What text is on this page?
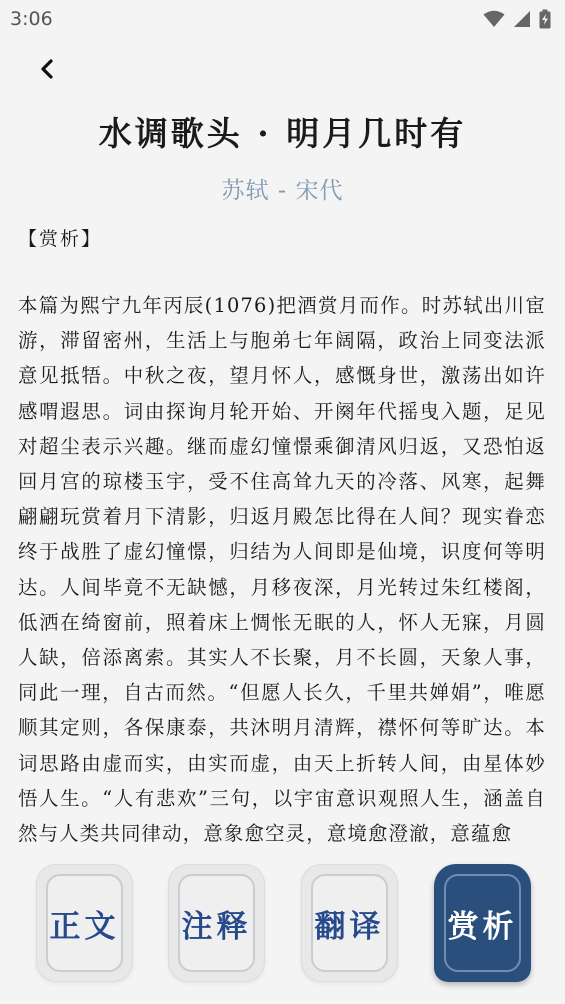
3:06
水调歌头 · 明月几时有
苏轼 - 宋代
【赏析】
本篇为熙宁九年丙辰(1076)把酒赏月而作。时苏轼出川宦游，滞留密州，生活上与胞弟七年阔隔，政治上同变法派意见抵牾。中秋之夜，望月怀人，感慨身世，激荡出如许感喟遐思。词由探询月轮开始、开阕年代摇曳入题，足见对超尘表示兴趣。继而虚幻憧憬乘御清风归返，又恐怕返回月宫的琼楼玉宇，受不住高耸九天的冷落、风寒，起舞翩翩玩赏着月下清影，归返月殿怎比得在人间？现实眷恋终于战胜了虚幻憧憬，归结为人间即是仙境，识度何等明达。人间毕竟不无缺憾，月移夜深，月光转过朱红楼阁，低洒在绮窗前，照着床上惆怅无眠的人，怀人无寐，月圆人缺，倍添离索。其实人不长聚，月不长圆，天象人事，同此一理，自古而然。“但愿人长久，千里共婵娟”，唯愿顺其定则，各保康泰，共沐明月清辉，襟怀何等旷达。本词思路由虚而实，由实而虚，由天上折转人间，由星体妙悟人生。“人有悲欢”三句，以宇宙意识观照人生，涵盖自然与人类共同律动，意象愈空灵，意境愈澄澈，意蕴愈
正文 注释 翻译 赏析
